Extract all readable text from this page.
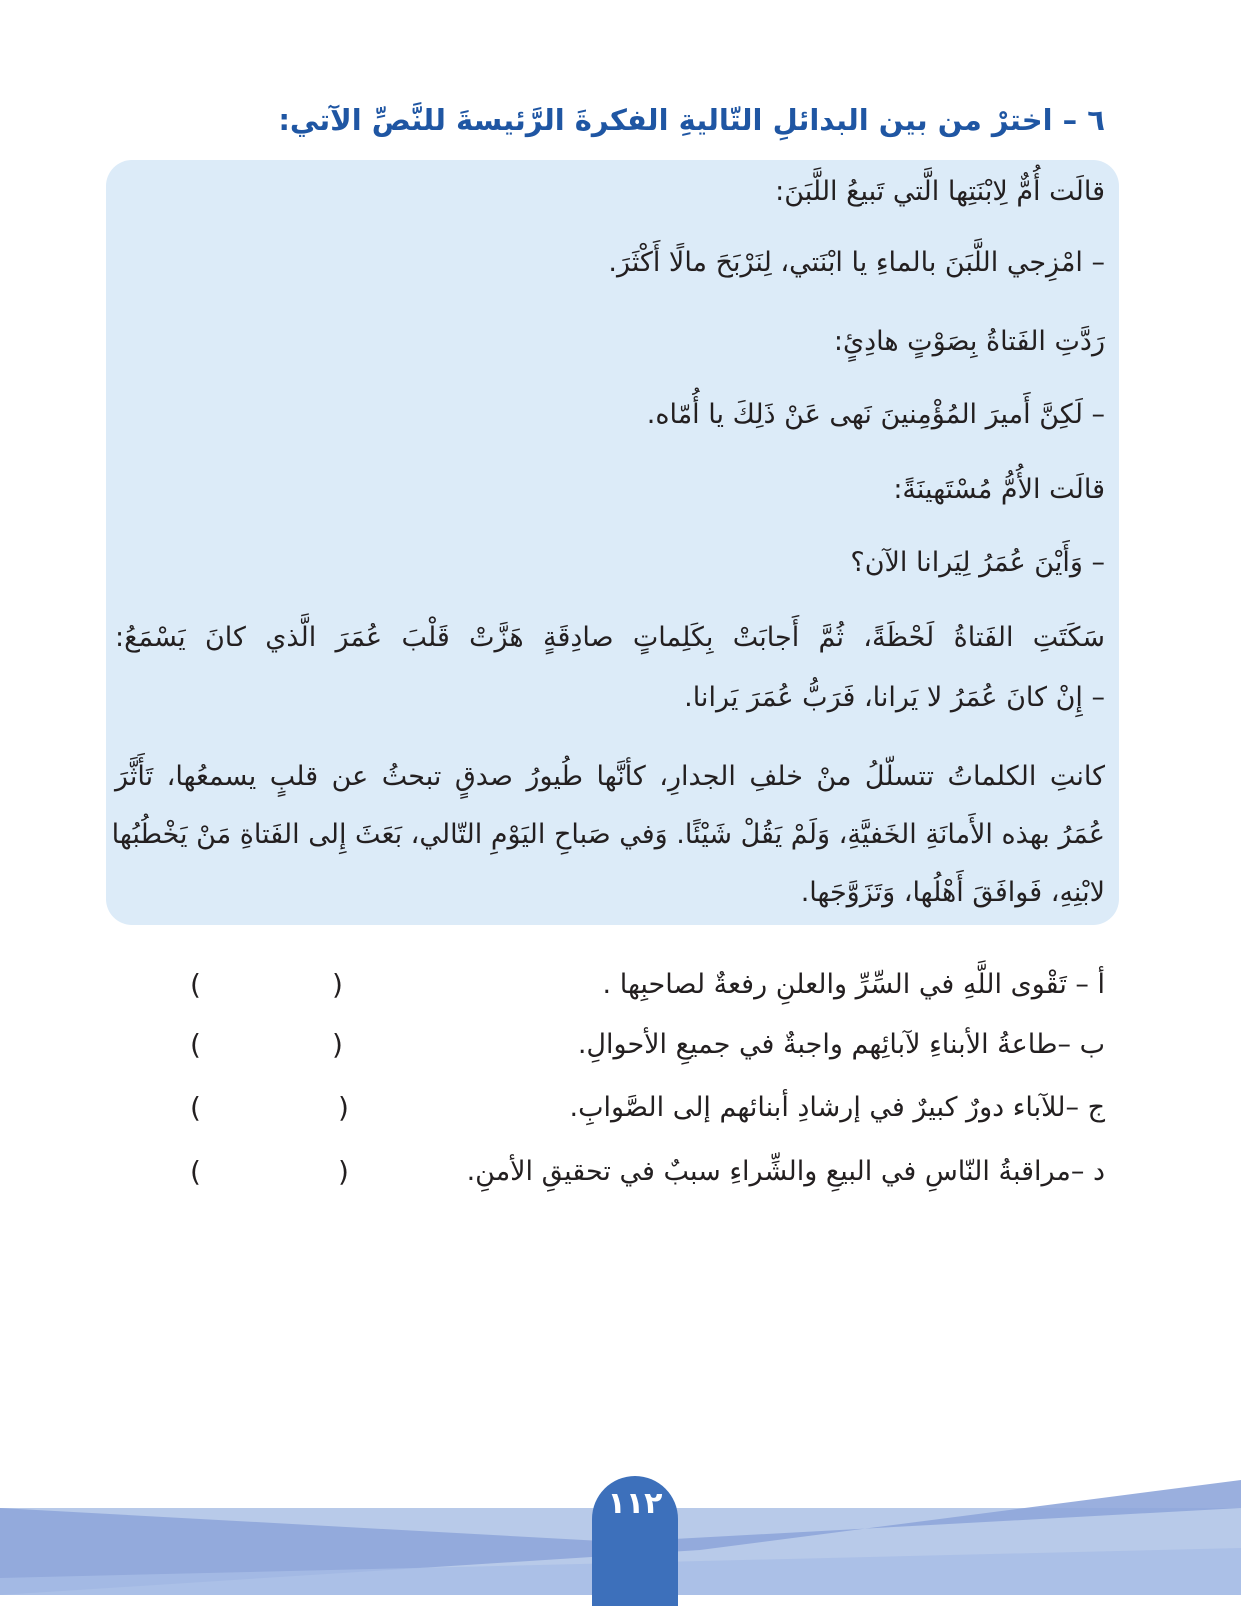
٦ – اخترْ من بين البدائلِ التّاليةِ الفكرةَ الرَّئيسةَ للنَّصِّ الآتي:
قالَت أُمٌّ لِابْنَتِها الَّتي تَبيعُ اللَّبَنَ:
– امْزِجي اللَّبَنَ بالماءِ يا ابْنَتي، لِنَرْبَحَ مالًا أَكْثَرَ.
رَدَّتِ الفَتاةُ بِصَوْتٍ هادِئٍ:
– لَكِنَّ أَميرَ المُؤْمِنينَ نَهى عَنْ ذَلِكَ يا أُمّاه.
قالَت الأُمُّ مُسْتَهينَةً:
– وَأَيْنَ عُمَرُ لِيَرانا الآن؟
سَكَتَتِ الفَتاةُ لَحْظَةً، ثُمَّ أَجابَتْ بِكَلِماتٍ صادِقَةٍ هَزَّتْ قَلْبَ عُمَرَ الَّذي كانَ يَسْمَعُ:
– إِنْ كانَ عُمَرُ لا يَرانا، فَرَبُّ عُمَرَ يَرانا.
كانتِ الكلماتُ تتسلّلُ منْ خلفِ الجدارِ، كأنَّها طُيورُ صدقٍ تبحثُ عن قلبٍ يسمعُها، تَأَثَّرَ
عُمَرُ بهذه الأَمانَةِ الخَفيَّةِ، وَلَمْ يَقُلْ شَيْئًا. وَفي صَباحِ اليَوْمِ التّالي، بَعَثَ إِلى الفَتاةِ مَنْ يَخْطُبُها
لابْنِهِ، فَوافَقَ أَهْلُها، وَتَزَوَّجَها.
أ – تَقْوى اللَّهِ في السِّرِّ والعلنِ رفعةٌ لصاحبِها .
(
)
ب –طاعةُ الأبناءِ لآبائِهم واجبةٌ في جميعِ الأحوالِ.
(
)
ج –للآباء دورٌ كبيرٌ في إرشادِ أبنائهم إلى الصَّوابِ.
(
)
د –مراقبةُ النّاسِ في البيعِ والشِّراءِ سببٌ في تحقيقِ الأمنِ.
(
)
١١٢
